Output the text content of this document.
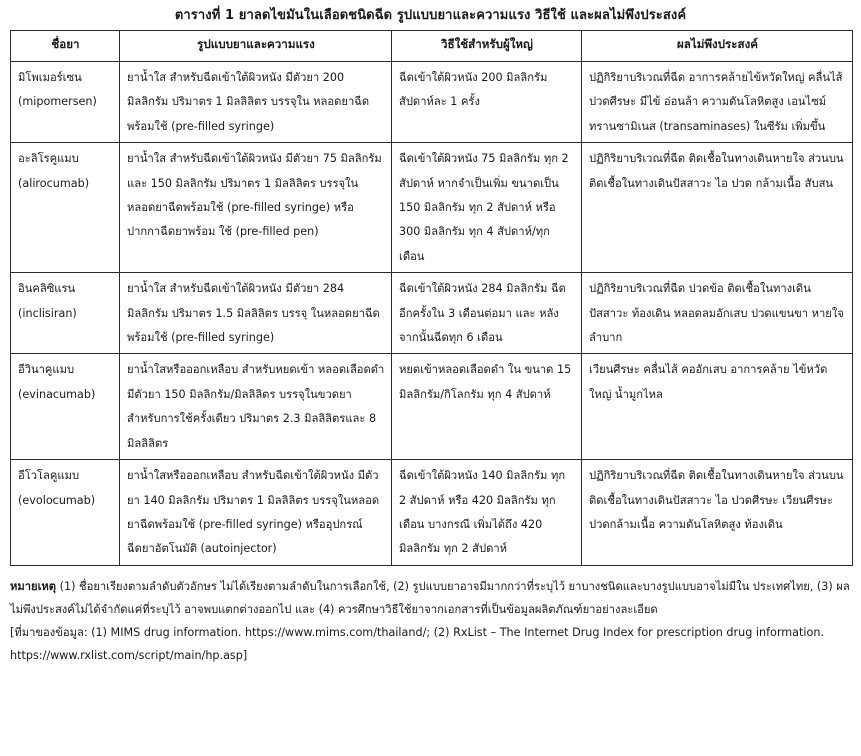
ตารางที่ 1 ยาลดไขมันในเลือดชนิดฉีด รูปแบบยาและความแรง วิธีใช้ และผลไม่พึงประสงค์
ชื่อยา	รูปแบบยาและความแรง	วิธีใช้สำหรับผู้ใหญ่	ผลไม่พึงประสงค์

มิโพเมอร์เซน
(mipomersen)	ยาน้ำใส สำหรับฉีดเข้าใต้ผิวหนัง มีตัวยา 200 มิลลิกรัม ปริมาตร 1 มิลลิลิตร บรรจุใน หลอดยาฉีดพร้อมใช้ (pre-filled syringe)	ฉีดเข้าใต้ผิวหนัง 200 มิลลิกรัม สัปดาห์ละ 1 ครั้ง	ปฏิกิริยาบริเวณที่ฉีด อาการคล้ายไข้หวัดใหญ่ คลื่นไส้ ปวดศีรษะ มีไข้ อ่อนล้า ความดันโลหิตสูง เอนไซม์ทรานซามิเนส (transaminases) ในซีรัม เพิ่มขึ้น

อะลิโรคูแมบ
(alirocumab)	ยาน้ำใส สำหรับฉีดเข้าใต้ผิวหนัง มีตัวยา 75 มิลลิกรัมและ 150 มิลลิกรัม ปริมาตร 1 มิลลิลิตร บรรจุในหลอดยาฉีดพร้อมใช้ (pre-filled syringe) หรือปากกาฉีดยาพร้อม ใช้ (pre-filled pen)	ฉีดเข้าใต้ผิวหนัง 75 มิลลิกรัม ทุก 2 สัปดาห์ หากจำเป็นเพิ่ม ขนาดเป็น 150 มิลลิกรัม ทุก 2 สัปดาห์ หรือ 300 มิลลิกรัม ทุก 4 สัปดาห์/ทุกเดือน	ปฏิกิริยาบริเวณที่ฉีด ติดเชื้อในทางเดินหายใจ ส่วนบน ติดเชื้อในทางเดินปัสสาวะ ไอ ปวด กล้ามเนื้อ สับสน

อินคลิซิแรน
(inclisiran)	ยาน้ำใส สำหรับฉีดเข้าใต้ผิวหนัง มีตัวยา 284 มิลลิกรัม ปริมาตร 1.5 มิลลิลิตร บรรจุ ในหลอดยาฉีดพร้อมใช้ (pre-filled syringe)	ฉีดเข้าใต้ผิวหนัง 284 มิลลิกรัม ฉีดอีกครั้งใน 3 เดือนต่อมา และ หลังจากนั้นฉีดทุก 6 เดือน	ปฏิกิริยาบริเวณที่ฉีด ปวดข้อ ติดเชื้อในทางเดิน ปัสสาวะ ท้องเดิน หลอดลมอักเสบ ปวดแขนขา หายใจลำบาก

อีวินาคูแมบ
(evinacumab)	ยาน้ำใสหรือออกเหลือบ สำหรับหยดเข้า หลอดเลือดดำ มีตัวยา 150 มิลลิกรัม/มิลลิลิตร บรรจุในขวดยาสำหรับการใช้ครั้งเดียว ปริมาตร 2.3 มิลลิลิตรและ 8 มิลลิลิตร	หยดเข้าหลอดเลือดดำ ใน ขนาด 15 มิลลิกรัม/กิโลกรัม ทุก 4 สัปดาห์	เวียนศีรษะ คลื่นไส้ คออักเสบ อาการคล้าย ไข้หวัดใหญ่ น้ำมูกไหล

อีโวโลคูแมบ
(evolocumab)	ยาน้ำใสหรือออกเหลือบ สำหรับฉีดเข้าใต้ผิวหนัง มีตัวยา 140 มิลลิกรัม ปริมาตร 1 มิลลิลิตร บรรจุในหลอดยาฉีดพร้อมใช้ (pre-filled syringe) หรืออุปกรณ์ฉีดยาอัตโนมัติ (autoinjector)	ฉีดเข้าใต้ผิวหนัง 140 มิลลิกรัม ทุก 2 สัปดาห์ หรือ 420 มิลลิกรัม ทุกเดือน บางกรณี เพิ่มได้ถึง 420 มิลลิกรัม ทุก 2 สัปดาห์	ปฏิกิริยาบริเวณที่ฉีด ติดเชื้อในทางเดินหายใจ ส่วนบน ติดเชื้อในทางเดินปัสสาวะ ไอ ปวดศีรษะ เวียนศีรษะ ปวดกล้ามเนื้อ ความดันโลหิตสูง ท้องเดิน
หมายเหตุ (1) ชื่อยาเรียงตามลำดับตัวอักษร ไม่ได้เรียงตามลำดับในการเลือกใช้, (2) รูปแบบยาอาจมีมากกว่าที่ระบุไว้ ยาบางชนิดและบางรูปแบบอาจไม่มีใน ประเทศไทย, (3) ผลไม่พึงประสงค์ไม่ได้จำกัดแค่ที่ระบุไว้ อาจพบแตกต่างออกไป และ (4) ควรศึกษาวิธีใช้ยาจากเอกสารที่เป็นข้อมูลผลิตภัณฑ์ยาอย่างละเอียด
[ที่มาของข้อมูล: (1) MIMS drug information. https://www.mims.com/thailand/; (2) RxList – The Internet Drug Index for prescription drug information. https://www.rxlist.com/script/main/hp.asp]
